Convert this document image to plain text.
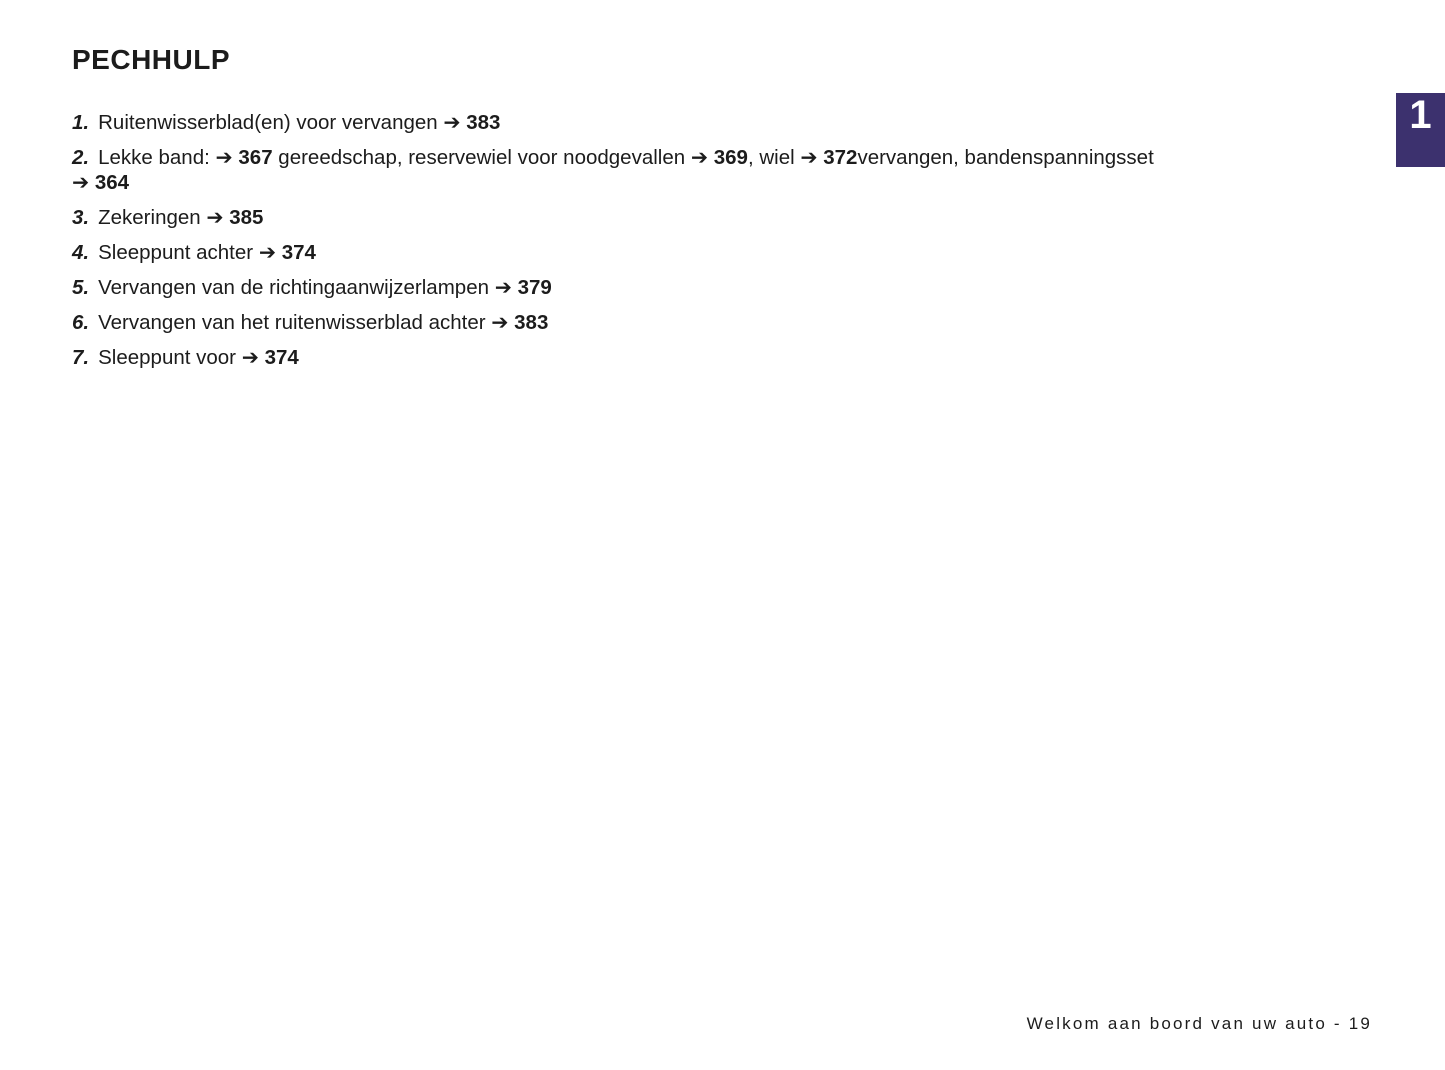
PECHHULP
1. Ruitenwisserblad(en) voor vervangen ➔ 383
2. Lekke band: ➔ 367 gereedschap, reservewiel voor noodgevallen ➔ 369, wiel ➔ 372vervangen, bandenspanningsset
➔ 364
3. Zekeringen ➔ 385
4. Sleeppunt achter ➔ 374
5. Vervangen van de richtingaanwijzerlampen ➔ 379
6. Vervangen van het ruitenwisserblad achter ➔ 383
7. Sleeppunt voor ➔ 374
1
Welkom aan boord van uw auto - 19
